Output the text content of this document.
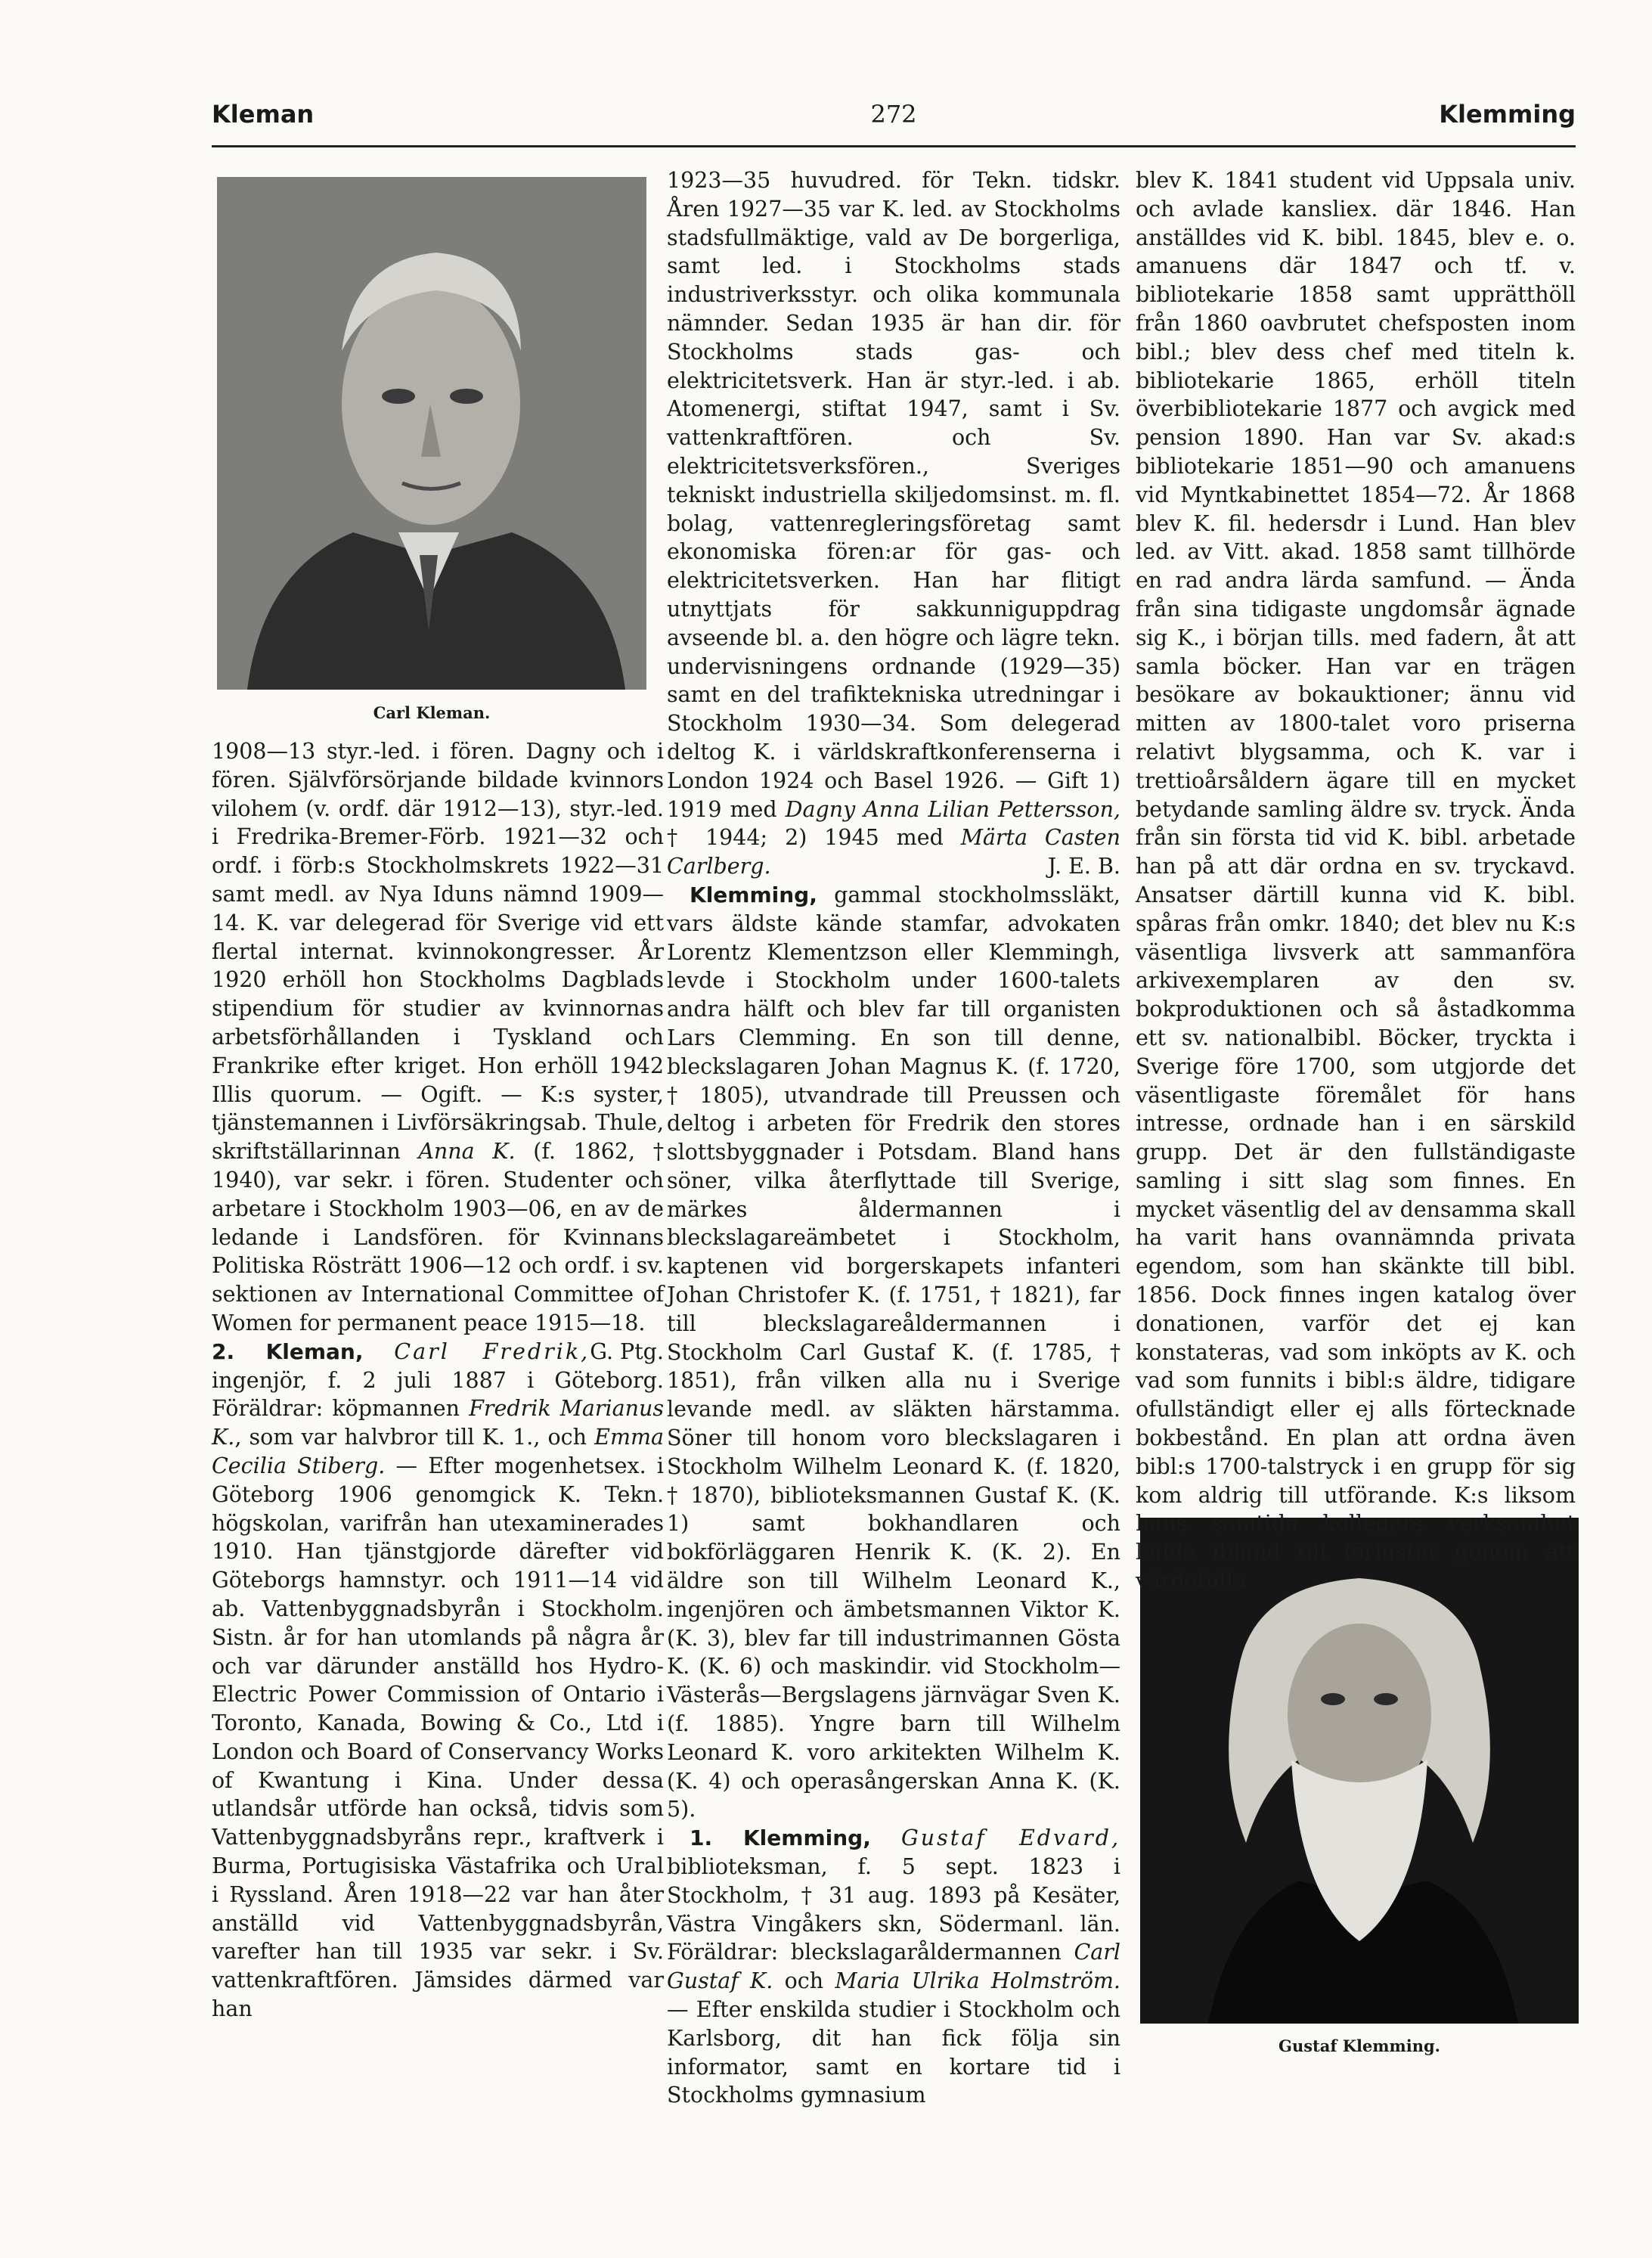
Kleman	272	Klemming
Carl Kleman.
Gustaf Klemming.

1908—13 styr.-led. i fören. Dagny och i fören. Självförsörjande bildade kvinnors vilohem (v. ordf. där 1912—13), styr.-led. i Fredrika-Bremer-Förb. 1921—32 och ordf. i förb:s Stockholmskrets 1922—31 samt medl. av Nya Iduns nämnd 1909—14. K. var delegerad för Sverige vid ett flertal internat. kvinnokongresser. År 1920 erhöll hon Stockholms Dagblads stipendium för studier av kvinnornas arbetsförhållanden i Tyskland och Frankrike efter kriget. Hon erhöll 1942 Illis quorum. — Ogift. — K:s syster, tjänstemannen i Livförsäkringsab. Thule, skriftställarinnan Anna K. (f. 1862, † 1940), var sekr. i fören. Studenter och arbetare i Stockholm 1903—06, en av de ledande i Landsfören. för Kvinnans Politiska Rösträtt 1906—12 och ordf. i sv. sektionen av International Committee of Women for permanent peace 1915—18.
G. Ptg.

2. Kleman, Carl Fredrik, ingenjör, f. 2 juli 1887 i Göteborg. Föräldrar: köpmannen Fredrik Marianus K., som var halvbror till K. 1., och Emma Cecilia Stiberg. — Efter mogenhetsex. i Göteborg 1906 genomgick K. Tekn. högskolan, varifrån han utexaminerades 1910. Han tjänstgjorde därefter vid Göteborgs hamnstyr. och 1911—14 vid ab. Vattenbyggnadsbyrån i Stockholm. Sistn. år for han utomlands på några år och var därunder anställd hos Hydro-Electric Power Commission of Ontario i Toronto, Kanada, Bowing & Co., Ltd i London och Board of Conservancy Works of Kwantung i Kina. Under dessa utlandsår utförde han också, tidvis som Vattenbyggnadsbyråns repr., kraftverk i Burma, Portugisiska Västafrika och Ural i Ryssland. Åren 1918—22 var han åter anställd vid Vattenbyggnadsbyrån, varefter han till 1935 var sekr. i Sv. vattenkraftfören. Jämsides därmed var han

1923—35 huvudred. för Tekn. tidskr. Åren 1927—35 var K. led. av Stockholms stadsfullmäktige, vald av De borgerliga, samt led. i Stockholms stads industriverksstyr. och olika kommunala nämnder. Sedan 1935 är han dir. för Stockholms stads gas- och elektricitetsverk. Han är styr.-led. i ab. Atomenergi, stiftat 1947, samt i Sv. vattenkraftfören. och Sv. elektricitetsverksfören., Sveriges tekniskt industriella skiljedomsinst. m. fl. bolag, vattenregleringsföretag samt ekonomiska fören:ar för gas- och elektricitetsverken. Han har flitigt utnyttjats för sakkunniguppdrag avseende bl. a. den högre och lägre tekn. undervisningens ordnande (1929—35) samt en del trafiktekniska utredningar i Stockholm 1930—34. Som delegerad deltog K. i världskraftkonferenserna i London 1924 och Basel 1926. — Gift 1) 1919 med Dagny Anna Lilian Pettersson, † 1944; 2) 1945 med Märta Casten Carlberg.	J. E. B.

Klemming, gammal stockholmssläkt, vars äldste kände stamfar, advokaten Lorentz Klementzson eller Klemmingh, levde i Stockholm under 1600-talets andra hälft och blev far till organisten Lars Clemming. En son till denne, bleckslagaren Johan Magnus K. (f. 1720, † 1805), utvandrade till Preussen och deltog i arbeten för Fredrik den stores slottsbyggnader i Potsdam. Bland hans söner, vilka återflyttade till Sverige, märkes åldermannen i bleckslagareämbetet i Stockholm, kaptenen vid borgerskapets infanteri Johan Christofer K. (f. 1751, † 1821), far till bleckslagareåldermannen i Stockholm Carl Gustaf K. (f. 1785, † 1851), från vilken alla nu i Sverige levande medl. av släkten härstamma. Söner till honom voro bleckslagaren i Stockholm Wilhelm Leonard K. (f. 1820, † 1870), biblioteksmannen Gustaf K. (K. 1) samt bokhandlaren och bokförläggaren Henrik K. (K. 2). En äldre son till Wilhelm Leonard K., ingenjören och ämbetsmannen Viktor K. (K. 3), blev far till industrimannen Gösta K. (K. 6) och maskindir. vid Stockholm—Västerås—Bergslagens järnvägar Sven K. (f. 1885). Yngre barn till Wilhelm Leonard K. voro arkitekten Wilhelm K. (K. 4) och operasångerskan Anna K. (K. 5).

1. Klemming, Gustaf Edvard, biblioteksman, f. 5 sept. 1823 i Stockholm, † 31 aug. 1893 på Kesäter, Västra Vingåkers skn, Södermanl. län. Föräldrar: bleckslagaråldermannen Carl Gustaf K. och Maria Ulrika Holmström. — Efter enskilda studier i Stockholm och Karlsborg, dit han fick följa sin informator, samt en kortare tid i Stockholms gymnasium

blev K. 1841 student vid Uppsala univ. och avlade kansliex. där 1846. Han anställdes vid K. bibl. 1845, blev e. o. amanuens där 1847 och tf. v. bibliotekarie 1858 samt upprätthöll från 1860 oavbrutet chefsposten inom bibl.; blev dess chef med titeln k. bibliotekarie 1865, erhöll titeln överbibliotekarie 1877 och avgick med pension 1890. Han var Sv. akad:s bibliotekarie 1851—90 och amanuens vid Myntkabinettet 1854—72. År 1868 blev K. fil. hedersdr i Lund. Han blev led. av Vitt. akad. 1858 samt tillhörde en rad andra lärda samfund. — Ända från sina tidigaste ungdomsår ägnade sig K., i början tills. med fadern, åt att samla böcker. Han var en trägen besökare av bokauktioner; ännu vid mitten av 1800-talet voro priserna relativt blygsamma, och K. var i trettioårsåldern ägare till en mycket betydande samling äldre sv. tryck. Ända från sin första tid vid K. bibl. arbetade han på att där ordna en sv. tryckavd. Ansatser därtill kunna vid K. bibl. spåras från omkr. 1840; det blev nu K:s väsentliga livsverk att sammanföra arkivexemplaren av den sv. bokproduktionen och så åstadkomma ett sv. nationalbibl. Böcker, tryckta i Sverige före 1700, som utgjorde det väsentligaste föremålet för hans intresse, ordnade han i en särskild grupp. Det är den fullständigaste samling i sitt slag som finnes. En mycket väsentlig del av densamma skall ha varit hans ovannämnda privata egendom, som han skänkte till bibl. 1856. Dock finnes ingen katalog över donationen, varför det ej kan konstateras, vad som inköpts av K. och vad som funnits i bibl:s äldre, tidigare ofullständigt eller ej alls förtecknade bokbestånd. En plan att ordna även bibl:s 1700-talstryck i en grupp för sig kom aldrig till utförande. K:s liksom hans samtida kollegers verksamhet ledde ibland till förluster genom att värdefulla
